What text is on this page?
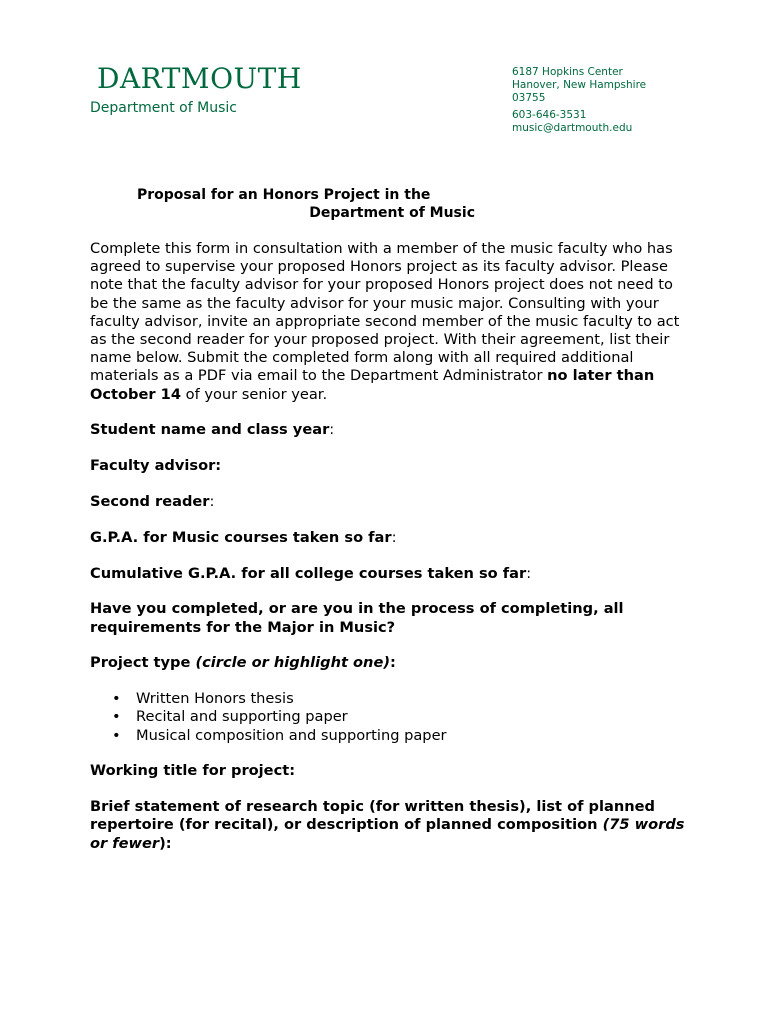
DARTMOUTH
Department of Music
6187 Hopkins Center
Hanover, New Hampshire
03755
603-646-3531
music@dartmouth.edu
Proposal for an Honors Project in the
Department of Music

Complete this form in consultation with a member of the music faculty who has agreed to supervise your proposed Honors project as its faculty advisor. Please note that the faculty advisor for your proposed Honors project does not need to be the same as the faculty advisor for your music major. Consulting with your faculty advisor, invite an appropriate second member of the music faculty to act as the second reader for your proposed project. With their agreement, list their name below. Submit the completed form along with all required additional materials as a PDF via email to the Department Administrator no later than October 14 of your senior year.

Student name and class year:

Faculty advisor:

Second reader:

G.P.A. for Music courses taken so far:

Cumulative G.P.A. for all college courses taken so far:

Have you completed, or are you in the process of completing, all requirements for the Major in Music?

Project type (circle or highlight one):

• Written Honors thesis
• Recital and supporting paper
• Musical composition and supporting paper

Working title for project:

Brief statement of research topic (for written thesis), list of planned repertoire (for recital), or description of planned composition (75 words or fewer):
